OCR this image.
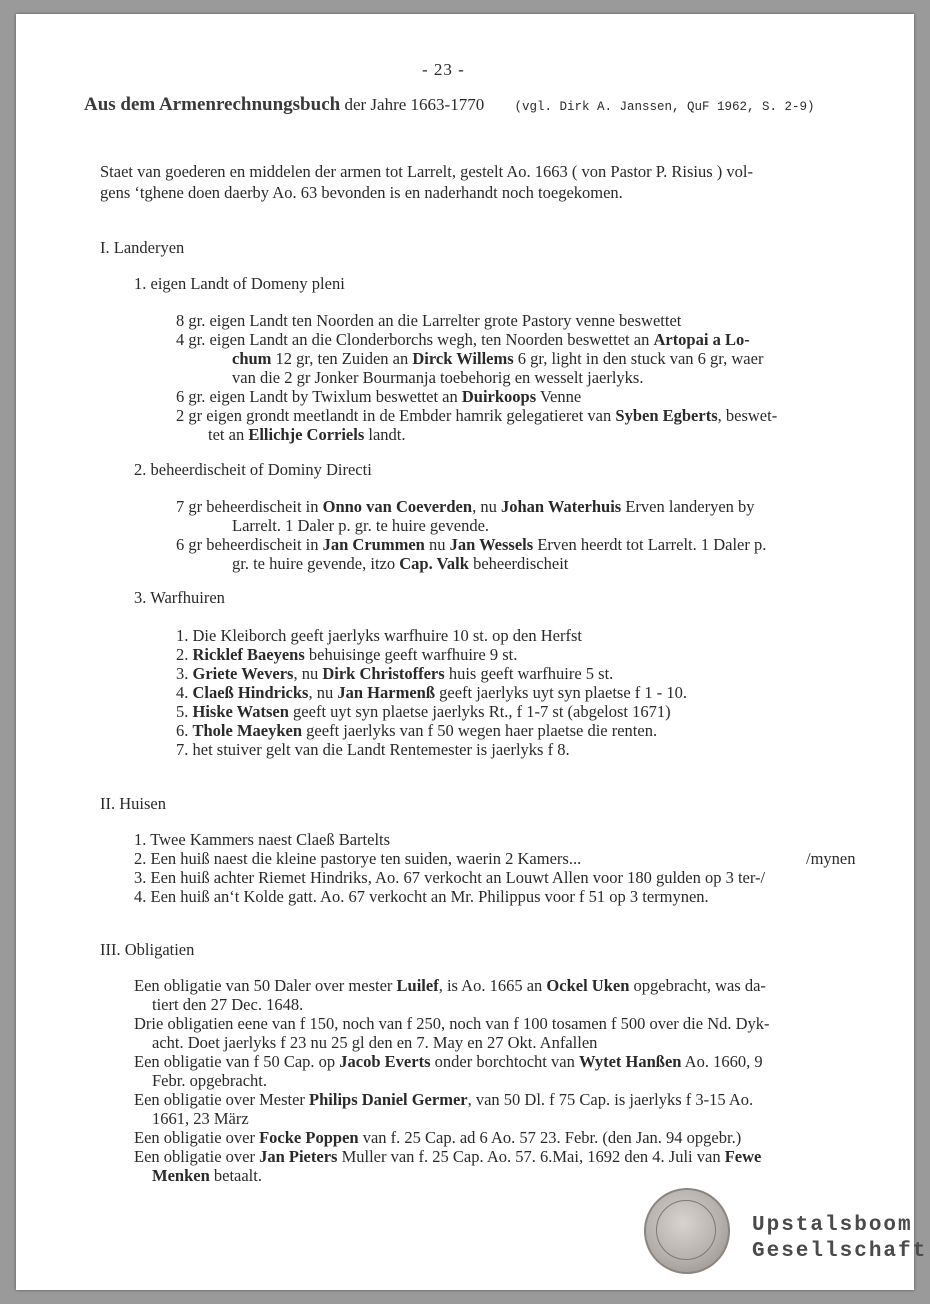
- 23 -
Aus dem Armenrechnungsbuch der Jahre 1663-1770 (vgl. Dirk A. Janssen, QuF 1962, S. 2-9)
Staet van goederen en middelen der armen tot Larrelt, gestelt Ao. 1663 ( von Pastor P. Risius ) vol-
gens ‘tghene doen daerby Ao. 63 bevonden is en naderhandt noch toegekomen.
I. Landeryen
1. eigen Landt of Domeny pleni
8 gr. eigen Landt ten Noorden an die Larrelter grote Pastory venne beswettet
4 gr. eigen Landt an die Clonderborchs wegh, ten Noorden beswettet an Artopai a Lo-
chum 12 gr, ten Zuiden an Dirck Willems 6 gr, light in den stuck van 6 gr, waer
van die 2 gr Jonker Bourmanja toebehorig en wesselt jaerlyks.
6 gr. eigen Landt by Twixlum beswettet an Duirkoops Venne
2 gr eigen grondt meetlandt in de Embder hamrik gelegatieret van Syben Egberts, beswet-
tet an Ellichje Corriels landt.
2. beheerdischeit of Dominy Directi
7 gr beheerdischeit in Onno van Coeverden, nu Johan Waterhuis Erven landeryen by
Larrelt. 1 Daler p. gr. te huire gevende.
6 gr beheerdischeit in Jan Crummen nu Jan Wessels Erven heerdt tot Larrelt. 1 Daler p.
gr. te huire gevende, itzo Cap. Valk beheerdischeit
3. Warfhuiren
1. Die Kleiborch geeft jaerlyks warfhuire 10 st. op den Herfst
2. Ricklef Baeyens behuisinge geeft warfhuire 9 st.
3. Griete Wevers, nu Dirk Christoffers huis geeft warfhuire 5 st.
4. Claeß Hindricks, nu Jan Harmenß geeft jaerlyks uyt syn plaetse f 1 - 10.
5. Hiske Watsen geeft uyt syn plaetse jaerlyks Rt., f 1-7 st (abgelost 1671)
6. Thole Maeyken geeft jaerlyks van f 50 wegen haer plaetse die renten.
7. het stuiver gelt van die Landt Rentemester is jaerlyks f 8.
II. Huisen
1. Twee Kammers naest Claeß Bartelts
2. Een huiß naest die kleine pastorye ten suiden, waerin 2 Kamers...	/mynen
3. Een huiß achter Riemet Hindriks, Ao. 67 verkocht an Louwt Allen voor 180 gulden op 3 ter-/
4. Een huiß an‘t Kolde gatt. Ao. 67 verkocht an Mr. Philippus voor f 51 op 3 termynen.
III. Obligatien
Een obligatie van 50 Daler over mester Luilef, is Ao. 1665 an Ockel Uken opgebracht, was da-
tiert den 27 Dec. 1648.
Drie obligatien eene van f 150, noch van f 250, noch van f 100 tosamen f 500 over die Nd. Dyk-
acht. Doet jaerlyks f 23 nu 25 gl den en 7. May en 27 Okt. Anfallen
Een obligatie van f 50 Cap. op Jacob Everts onder borchtocht van Wytet Hanßen Ao. 1660, 9
Febr. opgebracht.
Een obligatie over Mester Philips Daniel Germer, van 50 Dl. f 75 Cap. is jaerlyks f 3-15 Ao.
1661, 23 März
Een obligatie over Focke Poppen van f. 25 Cap. ad 6 Ao. 57 23. Febr. (den Jan. 94 opgebr.)
Een obligatie over Jan Pieters Muller van f. 25 Cap. Ao. 57. 6.Mai, 1692 den 4. Juli van Fewe
Menken betaalt.
Upstalsboom
Gesellschaft
